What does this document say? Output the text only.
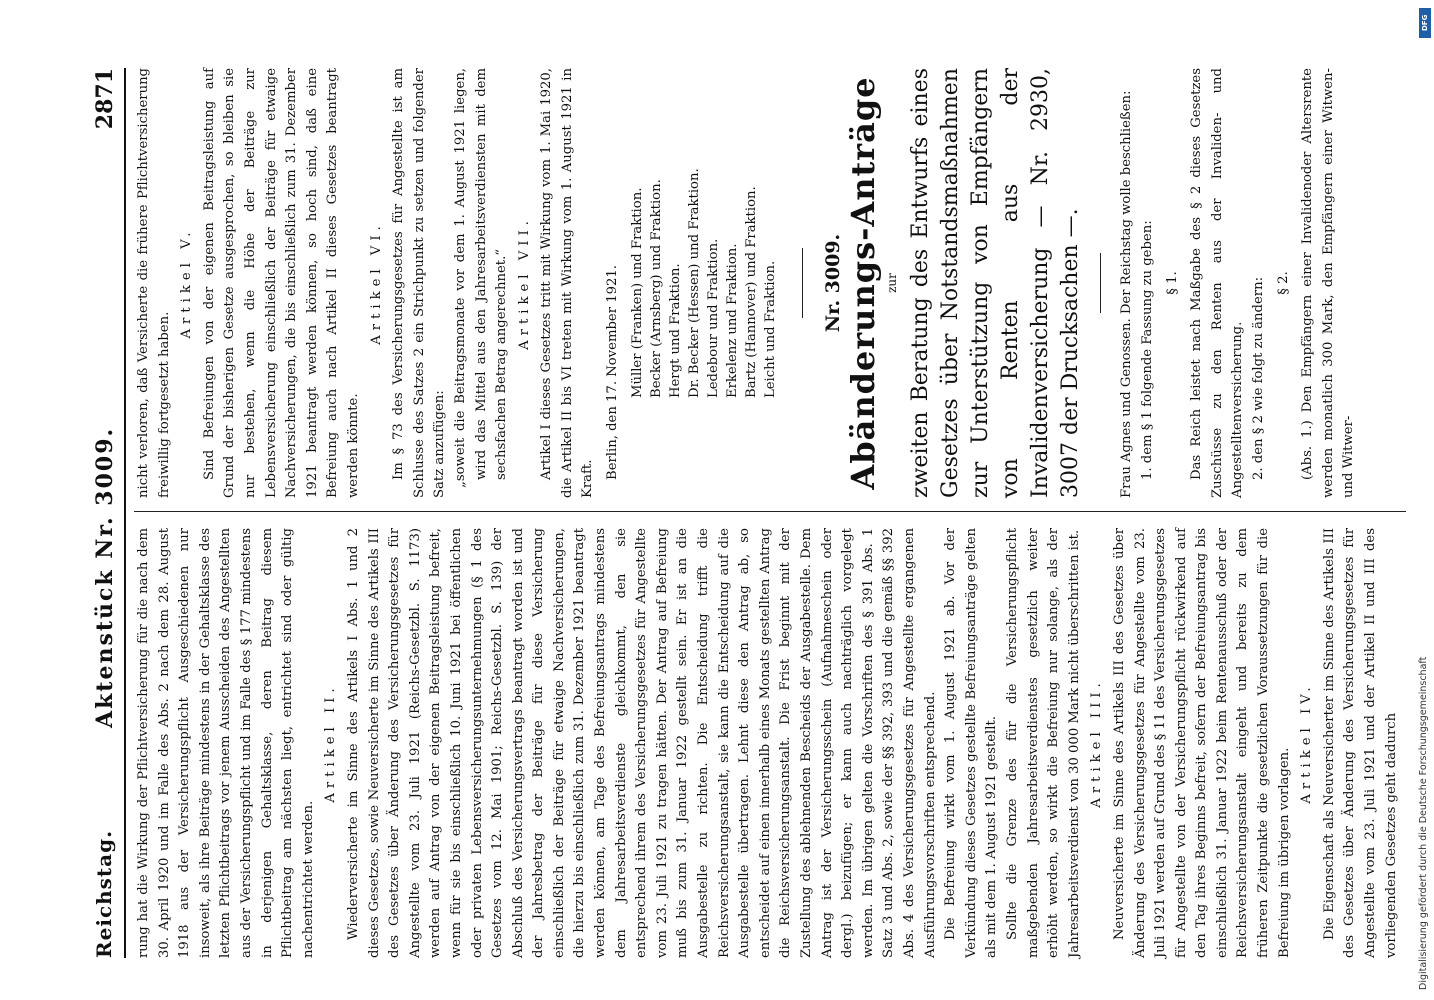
Reichstag.
Aktenstück Nr. 3009.
2871

rung hat die Wirkung der Pflichtversicherung für die nach dem 30. April 1920 und im Falle des Abs. 2 nach dem 28. August 1918 aus der Versicherungspflicht Ausgeschiedenen nur insoweit, als ihre Beiträge mindestens in der Gehaltsklasse des letzten Pflichtbeitrags vor jenem Ausscheiden des Angestellten aus der Versicherungspflicht und im Falle des § 177 mindestens in derjenigen Gehaltsklasse, deren Beitrag diesem Pflichtbeitrag am nächsten liegt, entrichtet sind oder gültig nachentrichtet werden.

Artikel II. Wiederversicherte im Sinne des Artikels I Abs. 1 und 2 dieses Gesetzes, sowie Neuversicherte im Sinne des Artikels III des Gesetzes über Änderung des Versicherungsgesetzes für Angestellte vom 23. Juli 1921 (Reichs-Gesetzbl. S. 1173) werden auf Antrag von der eigenen Beitragsleistung befreit, wenn für sie bis einschließlich 10. Juni 1921 bei öffentlichen oder privaten Lebensversicherungsunternehmungen (§ 1 des Gesetzes vom 12. Mai 1901; Reichs-Gesetzbl. S. 139) der Abschluß des Versicherungsvertrags beantragt worden ist und der Jahresbetrag der Beiträge für diese Versicherung einschließlich der Beiträge für etwaige Nachversicherungen, die hierzu bis einschließlich zum 31. Dezember 1921 beantragt werden können, am Tage des Befreiungsantrags mindestens dem Jahresarbeitsverdienste gleichkommt, den sie entsprechend ihrem des Versicherungsgesetzes für Angestellte vom 23. Juli 1921 zu tragen hätten. Der Antrag auf Befreiung muß bis zum 31. Januar 1922 gestellt sein. Er ist an die Ausgabestelle zu richten. Die Entscheidung trifft die Reichsversicherungsanstalt, sie kann die Entscheidung auf die Ausgabestelle übertragen. Lehnt diese den Antrag ab, so entscheidet auf einen innerhalb eines Monats gestellten Antrag die Reichsversicherungsanstalt. Die Frist beginnt mit der Zustellung des ablehnenden Bescheids der Ausgabestelle. Dem Antrag ist der Versicherungsschein (Aufnahmeschein oder dergl.) beizufügen; er kann auch nachträglich vorgelegt werden. Im übrigen gelten die Vorschriften des § 391 Abs. 1 Satz 3 und Abs. 2, sowie der §§ 392, 393 und die gemäß §§ 392 Abs. 4 des Versicherungsgesetzes für Angestellte ergangenen Ausführungsvorschriften entsprechend. Die Befreiung wirkt vom 1. August 1921 ab. Vor der Verkündung dieses Gesetzes gestellte Befreiungsanträge gelten als mit dem 1. August 1921 gestellt. Sollte die Grenze des für die Versicherungspflicht maßgebenden Jahresarbeitsverdienstes gesetzlich weiter erhöht werden, so wirkt die Befreiung nur solange, als der Jahresarbeitsverdienst von 30 000 Mark nicht überschritten ist. Artikel III. Neuversicherte im Sinne des Artikels III des Gesetzes über Änderung des Versicherungsgesetzes für Angestellte vom 23. Juli 1921 werden auf Grund des § 11 des Versicherungsgesetzes für Angestellte von der Versicherungspflicht rückwirkend auf den Tag ihres Beginns befreit, sofern der Befreiungsantrag bis einschließlich 31. Januar 1922 beim Rentenausschuß oder der Reichsversicherungsanstalt eingeht und bereits zu dem früheren Zeitpunkte die gesetzlichen Voraussetzungen für die Befreiung im übrigen vorlagen.

Artikel IV. Die Eigenschaft als Neuversicherter im Sinne des Artikels III des Gesetzes über Änderung des Versicherungsgesetzes für Angestellte vom 23. Juli 1921 und der Artikel II und III des vorliegenden Gesetzes geht dadurch

nicht verloren, daß Versicherte die frühere Pflichtversicherung freiwillig fortgesetzt haben.

Artikel V. Sind Befreiungen von der eigenen Beitragsleistung auf Grund der bisherigen Gesetze ausgesprochen, so bleiben sie nur bestehen, wenn die Höhe der Beiträge zur Lebensversicherung einschließlich der Beiträge für etwaige Nachversicherungen, die bis einschließlich zum 31. Dezember 1921 beantragt werden können, so hoch sind, daß eine Befreiung auch nach Artikel II dieses Gesetzes beantragt werden könnte.

Artikel VI. Im § 73 des Versicherungsgesetzes für Angestellte ist am Schlusse des Satzes 2 ein Strichpunkt zu setzen und folgender Satz anzufügen: „soweit die Beitragsmonate vor dem 1. August 1921 liegen, wird das Mittel aus den Jahresarbeitsverdiensten mit dem sechsfachen Betrag angerechnet.“ Artikel VII. Artikel I dieses Gesetzes tritt mit Wirkung vom 1. Mai 1920, die Artikel II bis VI treten mit Wirkung vom 1. August 1921 in Kraft. Berlin, den 17. November 1921. Müller (Franken) und Fraktion. Becker (Arnsberg) und Fraktion. Hergt und Fraktion. Dr. Becker (Hessen) und Fraktion. Ledebour und Fraktion. Erkelenz und Fraktion. Bartz (Hannover) und Fraktion. Leicht und Fraktion. Nr. 3009. Abänderungs-Anträge zur zweiten Beratung des Entwurfs eines Gesetzes über Notstandsmaßnahmen zur Unterstützung von Empfängern von Renten aus der Invalidenversicherung — Nr. 2930, 3007 der Drucksachen —.	Frau Agnes und Genossen. Der Reichstag wolle beschließen: 1. dem § 1 folgende Fassung zu geben: § 1. Das Reich leistet nach Maßgabe des § 2 dieses Gesetzes Zuschüsse zu den Renten aus der Invaliden- und Angestelltenversicherung. 2. den § 2 wie folgt zu ändern: § 2. (Abs. 1.) Den Empfängern einer Invalidenoder Altersrente werden monatlich 300 Mark, den Empfängern einer Witwen- und Witwer-

DFG
Digitalisierung gefördert durch die Deutsche Forschungsgemeinschaft
